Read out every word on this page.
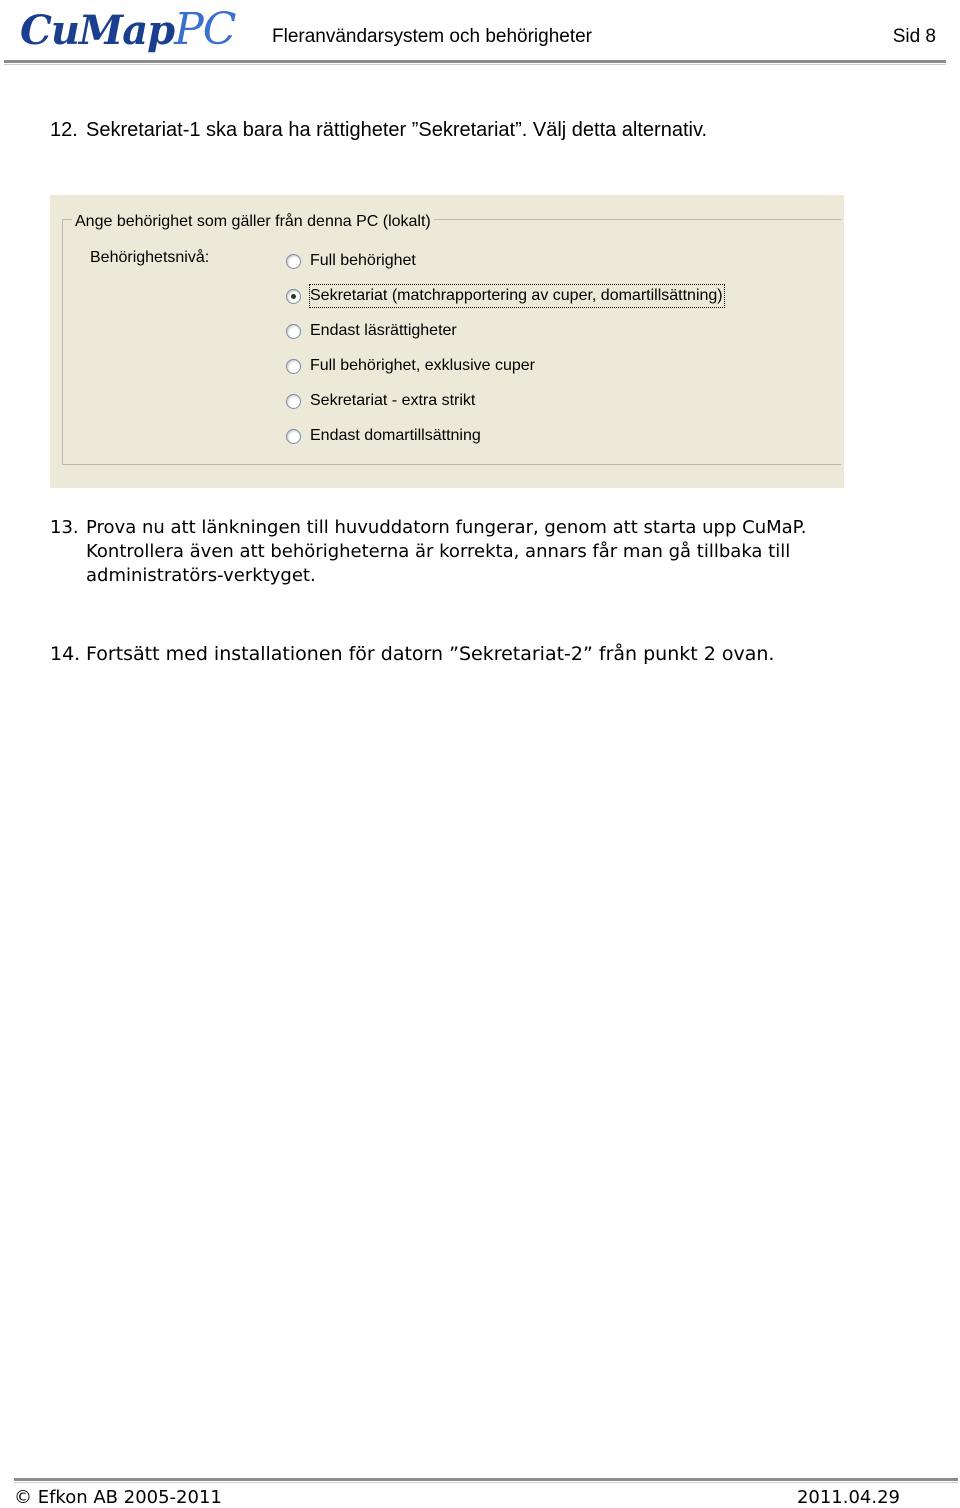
CuMapPC Fleranvändarsystem och behörigheter	Sid 8
12. Sekretariat-1 ska bara ha rättigheter ”Sekretariat”. Välj detta alternativ.
Ange behörighet som gäller från denna PC (lokalt)
Behörighetsnivå:	Full behörighet
Sekretariat (matchrapportering av cuper, domartillsättning)
Endast läsrättigheter
Full behörighet, exklusive cuper
Sekretariat - extra strikt
Endast domartillsättning
13. Prova nu att länkningen till huvuddatorn fungerar, genom att starta upp CuMaP. Kontrollera även att behörigheterna är korrekta, annars får man gå tillbaka till administratörs-verktyget.
14. Fortsätt med installationen för datorn ”Sekretariat-2” från punkt 2 ovan.
© Efkon AB 2005-2011	2011.04.29
